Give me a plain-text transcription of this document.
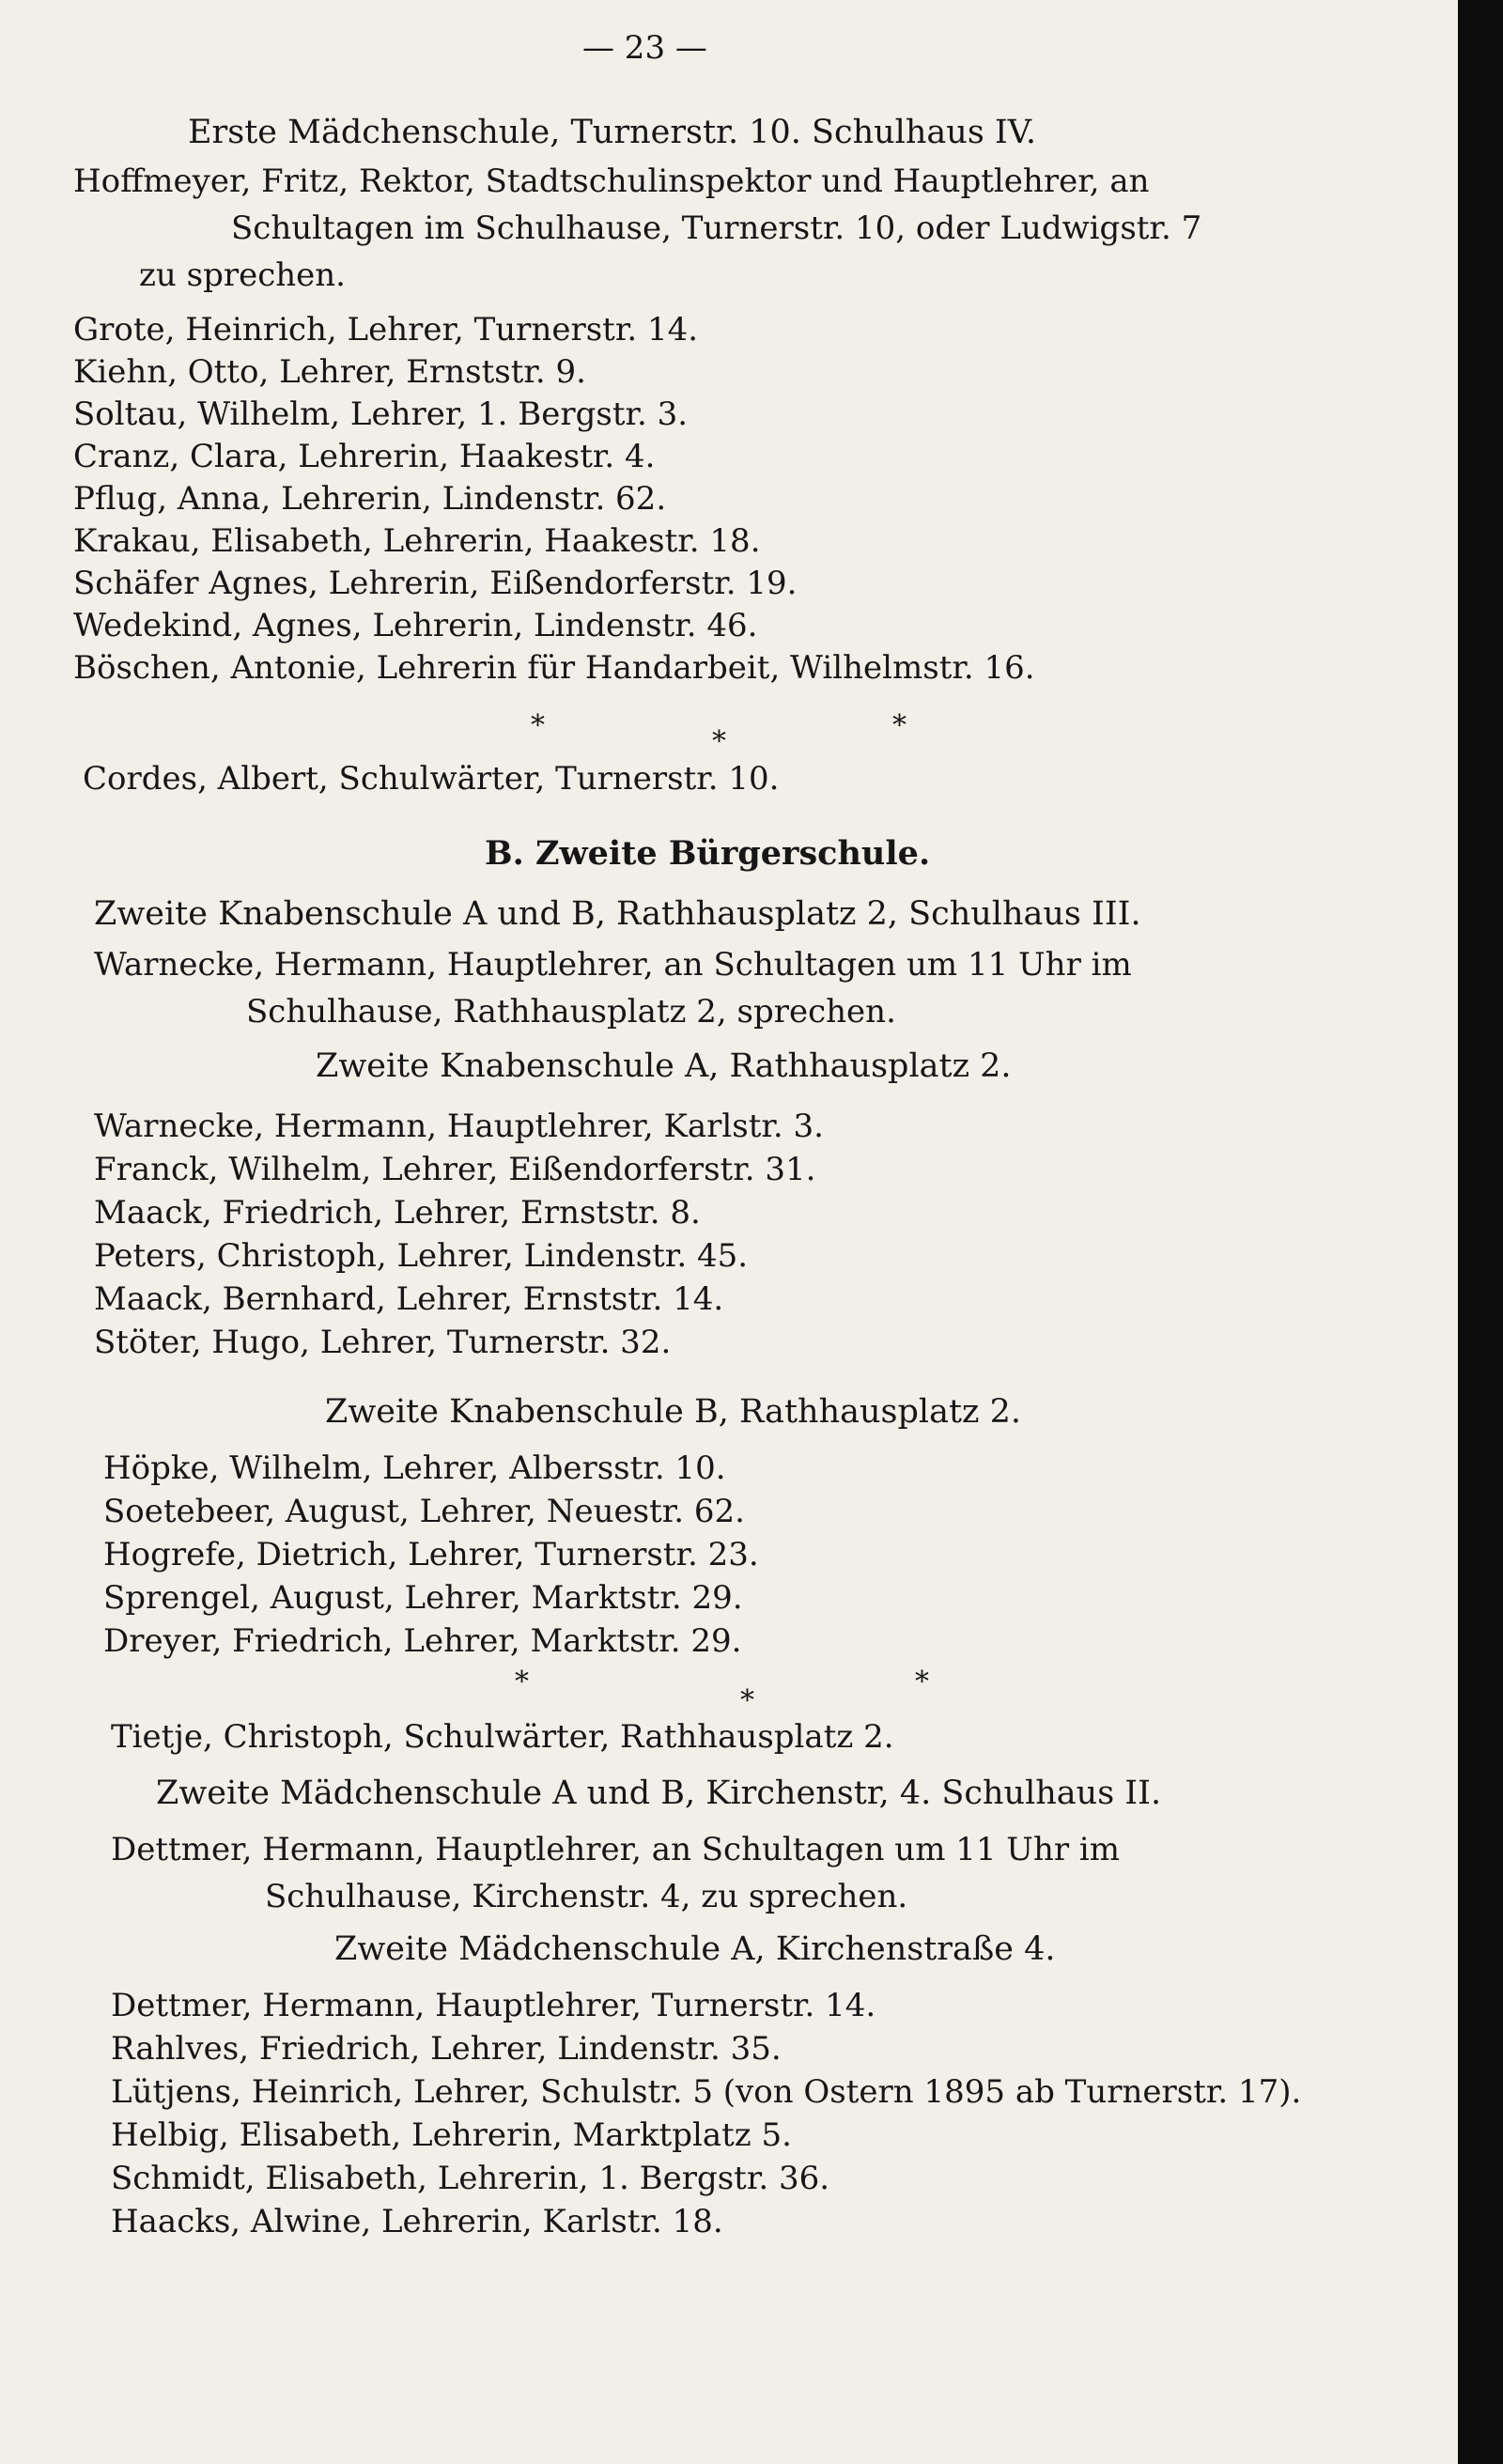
— 23 —
Erste Mädchenschule, Turnerstr. 10. Schulhaus IV.
Hoffmeyer, Fritz, Rektor, Stadtschulinspektor und Hauptlehrer, an
Schultagen im Schulhause, Turnerstr. 10, oder Ludwigstr. 7
zu sprechen.
Grote, Heinrich, Lehrer, Turnerstr. 14.
Kiehn, Otto, Lehrer, Ernststr. 9.
Soltau, Wilhelm, Lehrer, 1. Bergstr. 3.
Cranz, Clara, Lehrerin, Haakestr. 4.
Pflug, Anna, Lehrerin, Lindenstr. 62.
Krakau, Elisabeth, Lehrerin, Haakestr. 18.
Schäfer Agnes, Lehrerin, Eißendorferstr. 19.
Wedekind, Agnes, Lehrerin, Lindenstr. 46.
Böschen, Antonie, Lehrerin für Handarbeit, Wilhelmstr. 16.
*	*	*
Cordes, Albert, Schulwärter, Turnerstr. 10.
B. Zweite Bürgerschule.
Zweite Knabenschule A und B, Rathhausplatz 2, Schulhaus III.
Warnecke, Hermann, Hauptlehrer, an Schultagen um 11 Uhr im
Schulhause, Rathhausplatz 2, sprechen.
Zweite Knabenschule A, Rathhausplatz 2.
Warnecke, Hermann, Hauptlehrer, Karlstr. 3.
Franck, Wilhelm, Lehrer, Eißendorferstr. 31.
Maack, Friedrich, Lehrer, Ernststr. 8.
Peters, Christoph, Lehrer, Lindenstr. 45.
Maack, Bernhard, Lehrer, Ernststr. 14.
Stöter, Hugo, Lehrer, Turnerstr. 32.
Zweite Knabenschule B, Rathhausplatz 2.
Höpke, Wilhelm, Lehrer, Albersstr. 10.
Soetebeer, August, Lehrer, Neuestr. 62.
Hogrefe, Dietrich, Lehrer, Turnerstr. 23.
Sprengel, August, Lehrer, Marktstr. 29.
Dreyer, Friedrich, Lehrer, Marktstr. 29.
*
*
*
Tietje, Christoph, Schulwärter, Rathhausplatz 2.
Zweite Mädchenschule A und B, Kirchenstr, 4. Schulhaus II.
Dettmer, Hermann, Hauptlehrer, an Schultagen um 11 Uhr im
Schulhause, Kirchenstr. 4, zu sprechen.
Zweite Mädchenschule A, Kirchenstraße 4.
Dettmer, Hermann, Hauptlehrer, Turnerstr. 14.
Rahlves, Friedrich, Lehrer, Lindenstr. 35.
Lütjens, Heinrich, Lehrer, Schulstr. 5 (von Ostern 1895 ab Turnerstr. 17).
Helbig, Elisabeth, Lehrerin, Marktplatz 5.
Schmidt, Elisabeth, Lehrerin, 1. Bergstr. 36.
Haacks, Alwine, Lehrerin, Karlstr. 18.
